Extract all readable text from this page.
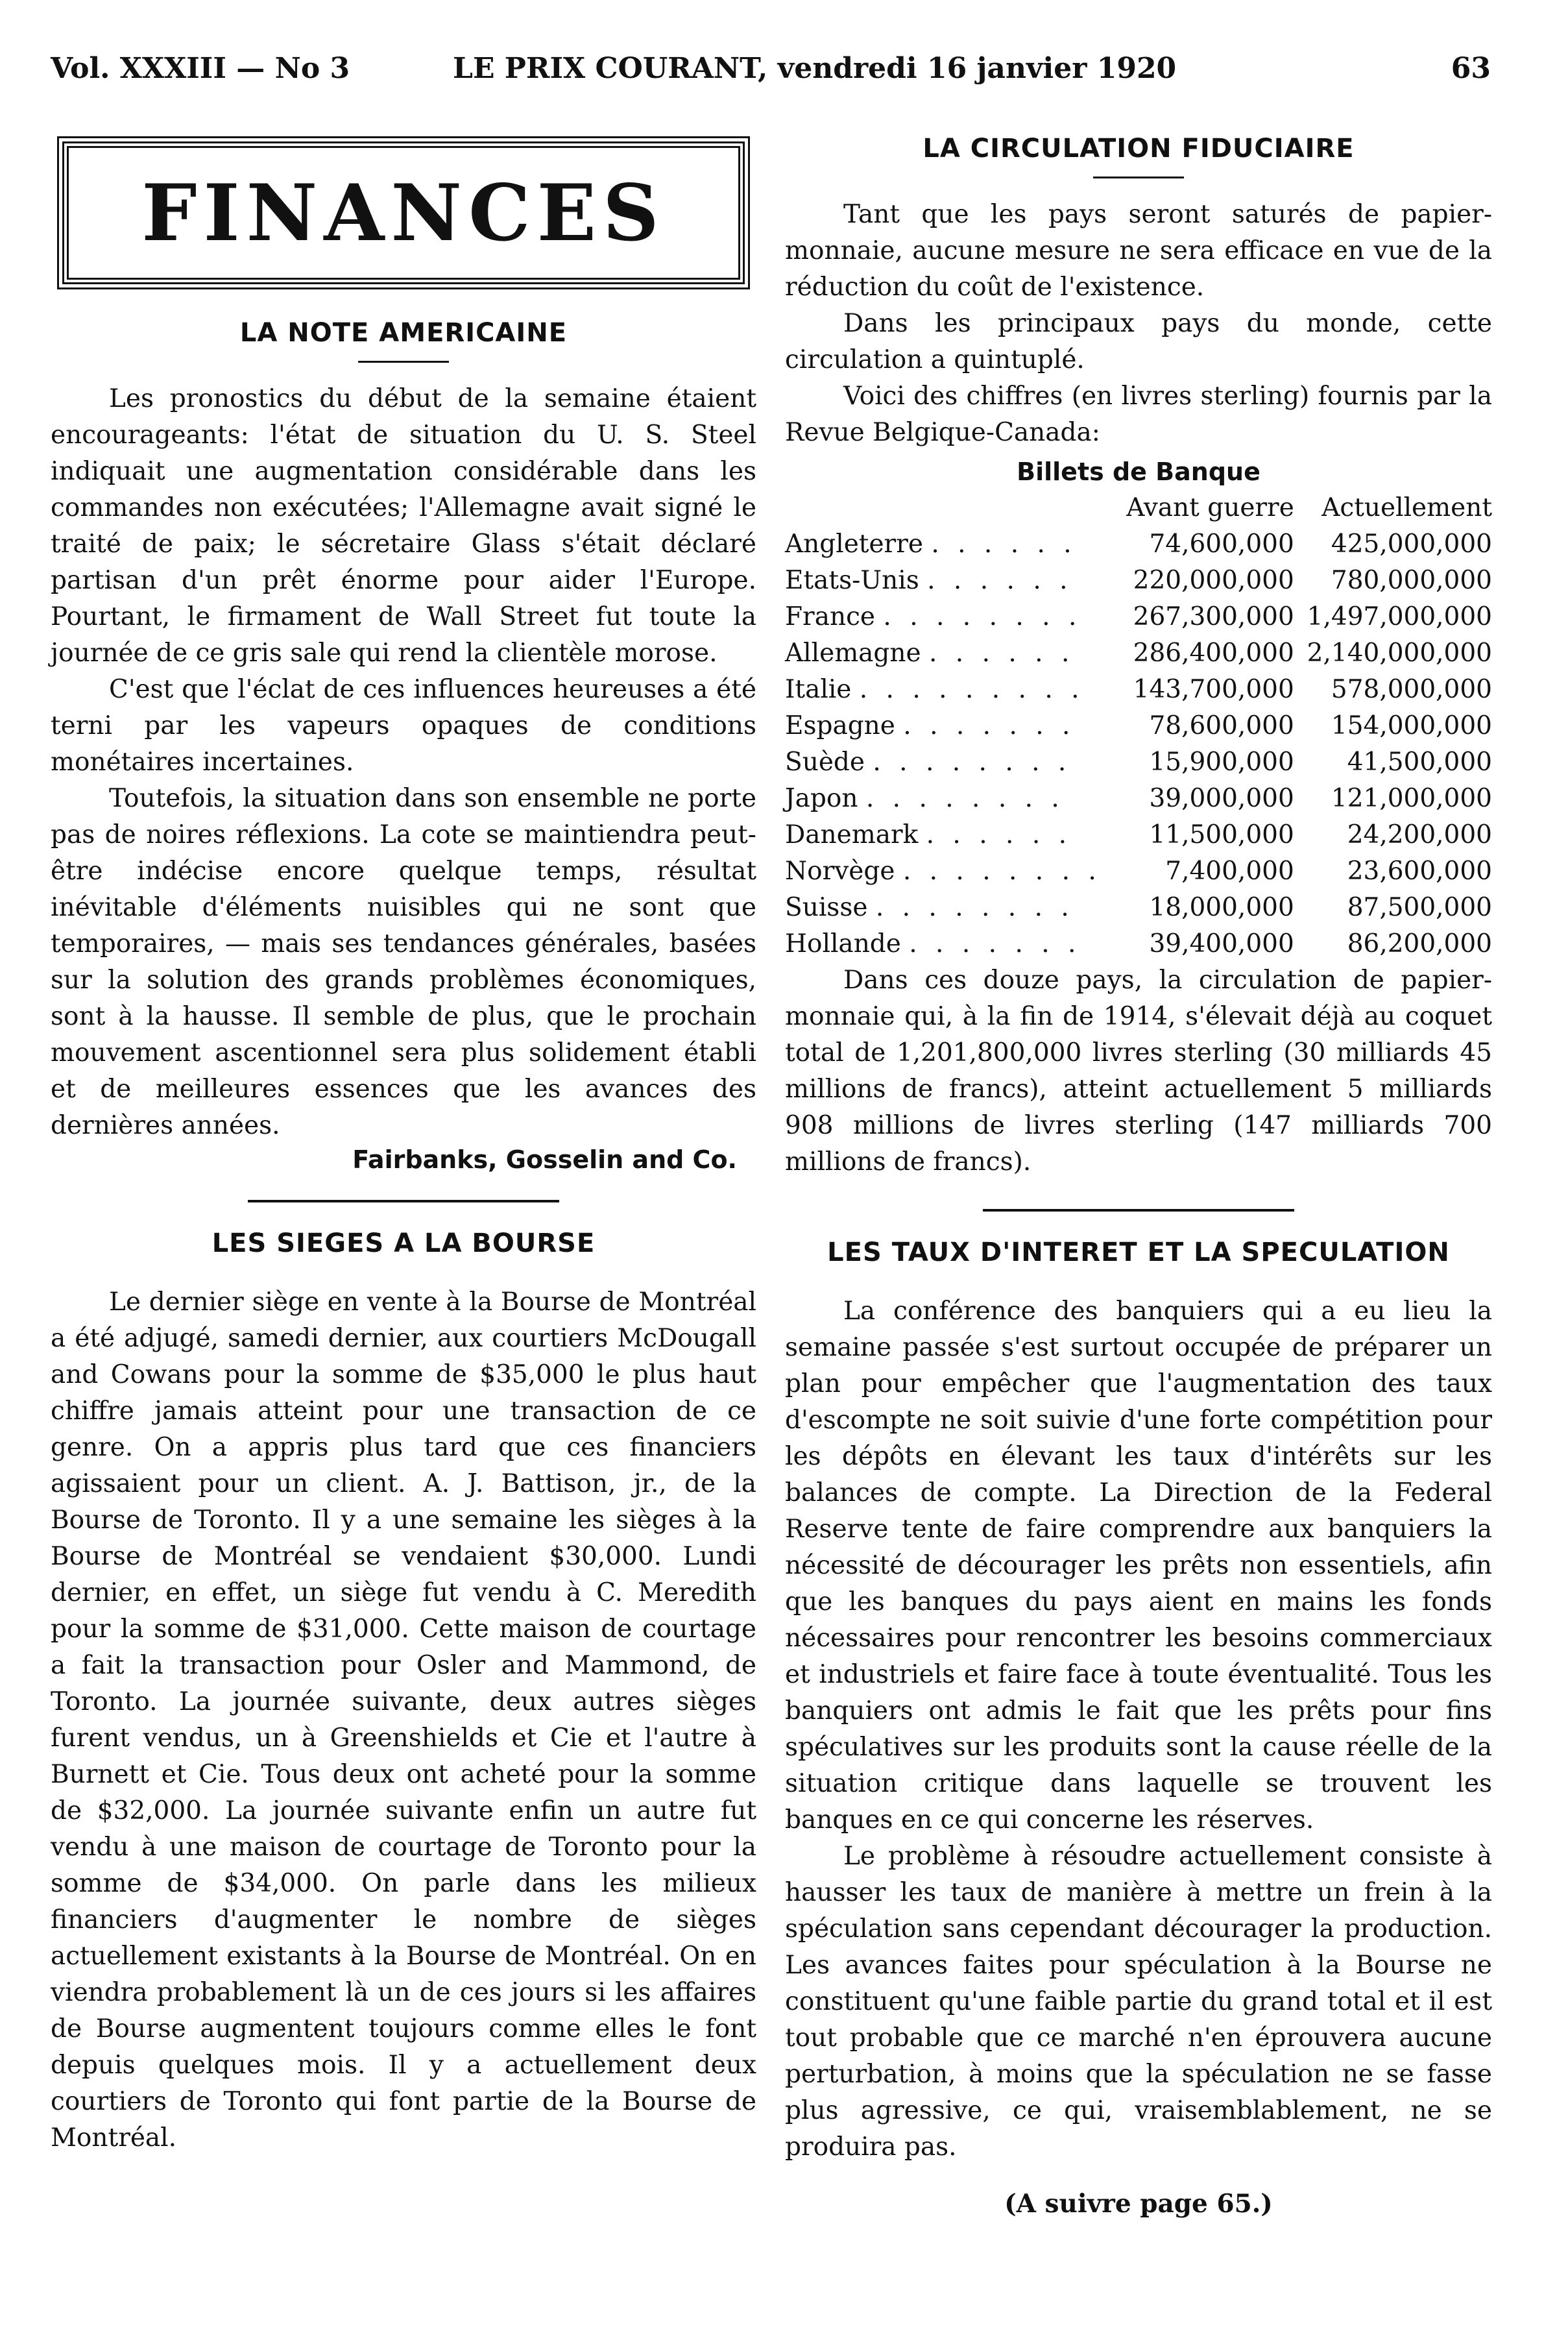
Vol. XXXIII — No 3	LE PRIX COURANT, vendredi 16 janvier 1920	63
FINANCES
LA NOTE AMERICAINE

Les pronostics du début de la semaine étaient encourageants: l'état de situation du U. S. Steel indiquait une augmentation considérable dans les commandes non exécutées; l'Allemagne avait signé le traité de paix; le sécretaire Glass s'était déclaré partisan d'un prêt énorme pour aider l'Europe. Pourtant, le firmament de Wall Street fut toute la journée de ce gris sale qui rend la clientèle morose.

C'est que l'éclat de ces influences heureuses a été terni par les vapeurs opaques de conditions monétaires incertaines.

Toutefois, la situation dans son ensemble ne porte pas de noires réflexions. La cote se maintiendra peut-être indécise encore quelque temps, résultat inévitable d'éléments nuisibles qui ne sont que temporaires, — mais ses tendances générales, basées sur la solution des grands problèmes économiques, sont à la hausse. Il semble de plus, que le prochain mouvement ascentionnel sera plus solidement établi et de meilleures essences que les avances des dernières années.

Fairbanks, Gosselin and Co.

LES SIEGES A LA BOURSE

Le dernier siège en vente à la Bourse de Montréal a été adjugé, samedi dernier, aux courtiers McDougall and Cowans pour la somme de $35,000 le plus haut chiffre jamais atteint pour une transaction de ce genre. On a appris plus tard que ces financiers agissaient pour un client. A. J. Battison, jr., de la Bourse de Toronto. Il y a une semaine les sièges à la Bourse de Montréal se vendaient $30,000. Lundi dernier, en effet, un siège fut vendu à C. Meredith pour la somme de $31,000. Cette maison de courtage a fait la transaction pour Osler and Mammond, de Toronto. La journée suivante, deux autres sièges furent vendus, un à Greenshields et Cie et l'autre à Burnett et Cie. Tous deux ont acheté pour la somme de $32,000. La journée suivante enfin un autre fut vendu à une maison de courtage de Toronto pour la somme de $34,000. On parle dans les milieux financiers d'augmenter le nombre de sièges actuellement existants à la Bourse de Montréal. On en viendra probablement là un de ces jours si les affaires de Bourse augmentent toujours comme elles le font depuis quelques mois. Il y a actuellement deux courtiers de Toronto qui font partie de la Bourse de Montréal.

LA CIRCULATION FIDUCIAIRE

Tant que les pays seront saturés de papier-monnaie, aucune mesure ne sera efficace en vue de la réduction du coût de l'existence.

Dans les principaux pays du monde, cette circulation a quintuplé.

Voici des chiffres (en livres sterling) fournis par la Revue Belgique-Canada:

Billets de Banque
	Avant guerre	Actuellement
Angleterre . . . . . .	74,600,000	425,000,000
Etats-Unis . . . . . .	220,000,000	780,000,000
France . . . . . . . .	267,300,000	1,497,000,000
Allemagne . . . . . .	286,400,000	2,140,000,000
Italie . . . . . . . . .	143,700,000	578,000,000
Espagne . . . . . . .	78,600,000	154,000,000
Suède . . . . . . . .	15,900,000	41,500,000
Japon . . . . . . . .	39,000,000	121,000,000
Danemark . . . . . .	11,500,000	24,200,000
Norvège . . . . . . . .	7,400,000	23,600,000
Suisse . . . . . . . .	18,000,000	87,500,000
Hollande . . . . . . .	39,400,000	86,200,000

Dans ces douze pays, la circulation de papier-monnaie qui, à la fin de 1914, s'élevait déjà au coquet total de 1,201,800,000 livres sterling (30 milliards 45 millions de francs), atteint actuellement 5 milliards 908 millions de livres sterling (147 milliards 700 millions de francs).

LES TAUX D'INTERET ET LA SPECULATION

La conférence des banquiers qui a eu lieu la semaine passée s'est surtout occupée de préparer un plan pour empêcher que l'augmentation des taux d'escompte ne soit suivie d'une forte compétition pour les dépôts en élevant les taux d'intérêts sur les balances de compte. La Direction de la Federal Reserve tente de faire comprendre aux banquiers la nécessité de décourager les prêts non essentiels, afin que les banques du pays aient en mains les fonds nécessaires pour rencontrer les besoins commerciaux et industriels et faire face à toute éventualité. Tous les banquiers ont admis le fait que les prêts pour fins spéculatives sur les produits sont la cause réelle de la situation critique dans laquelle se trouvent les banques en ce qui concerne les réserves.

Le problème à résoudre actuellement consiste à hausser les taux de manière à mettre un frein à la spéculation sans cependant décourager la production. Les avances faites pour spéculation à la Bourse ne constituent qu'une faible partie du grand total et il est tout probable que ce marché n'en éprouvera aucune perturbation, à moins que la spéculation ne se fasse plus agressive, ce qui, vraisemblablement, ne se produira pas.

(A suivre page 65.)
